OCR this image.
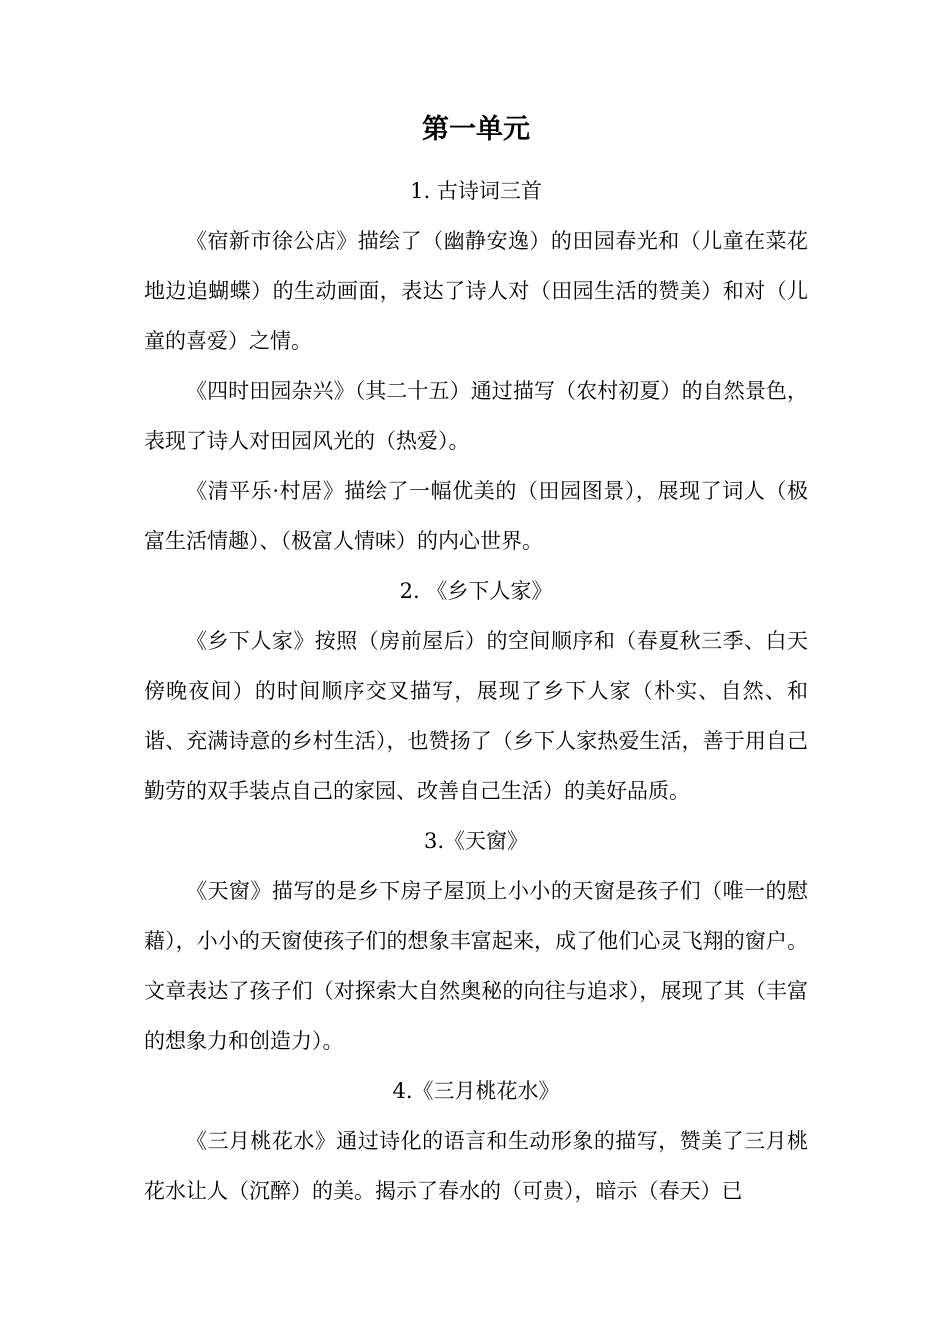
第一单元

1. 古诗词三首

《宿新市徐公店》描绘了（幽静安逸）的田园春光和（儿童在菜花地边追蝴蝶）的生动画面，表达了诗人对（田园生活的赞美）和对（儿童的喜爱）之情。

《四时田园杂兴》（其二十五）通过描写（农村初夏）的自然景色，表现了诗人对田园风光的（热爱）。

《清平乐·村居》描绘了一幅优美的（田园图景），展现了词人（极富生活情趣）、（极富人情味）的内心世界。

2. 《乡下人家》

《乡下人家》按照（房前屋后）的空间顺序和（春夏秋三季、白天傍晚夜间）的时间顺序交叉描写，展现了乡下人家（朴实、自然、和谐、充满诗意的乡村生活），也赞扬了（乡下人家热爱生活，善于用自己勤劳的双手装点自己的家园、改善自己生活）的美好品质。

3.《天窗》

《天窗》描写的是乡下房子屋顶上小小的天窗是孩子们（唯一的慰藉），小小的天窗使孩子们的想象丰富起来，成了他们心灵飞翔的窗户。文章表达了孩子们（对探索大自然奥秘的向往与追求），展现了其（丰富的想象力和创造力）。

4.《三月桃花水》

《三月桃花水》通过诗化的语言和生动形象的描写，赞美了三月桃花水让人（沉醉）的美。揭示了春水的（可贵），暗示（春天）已
